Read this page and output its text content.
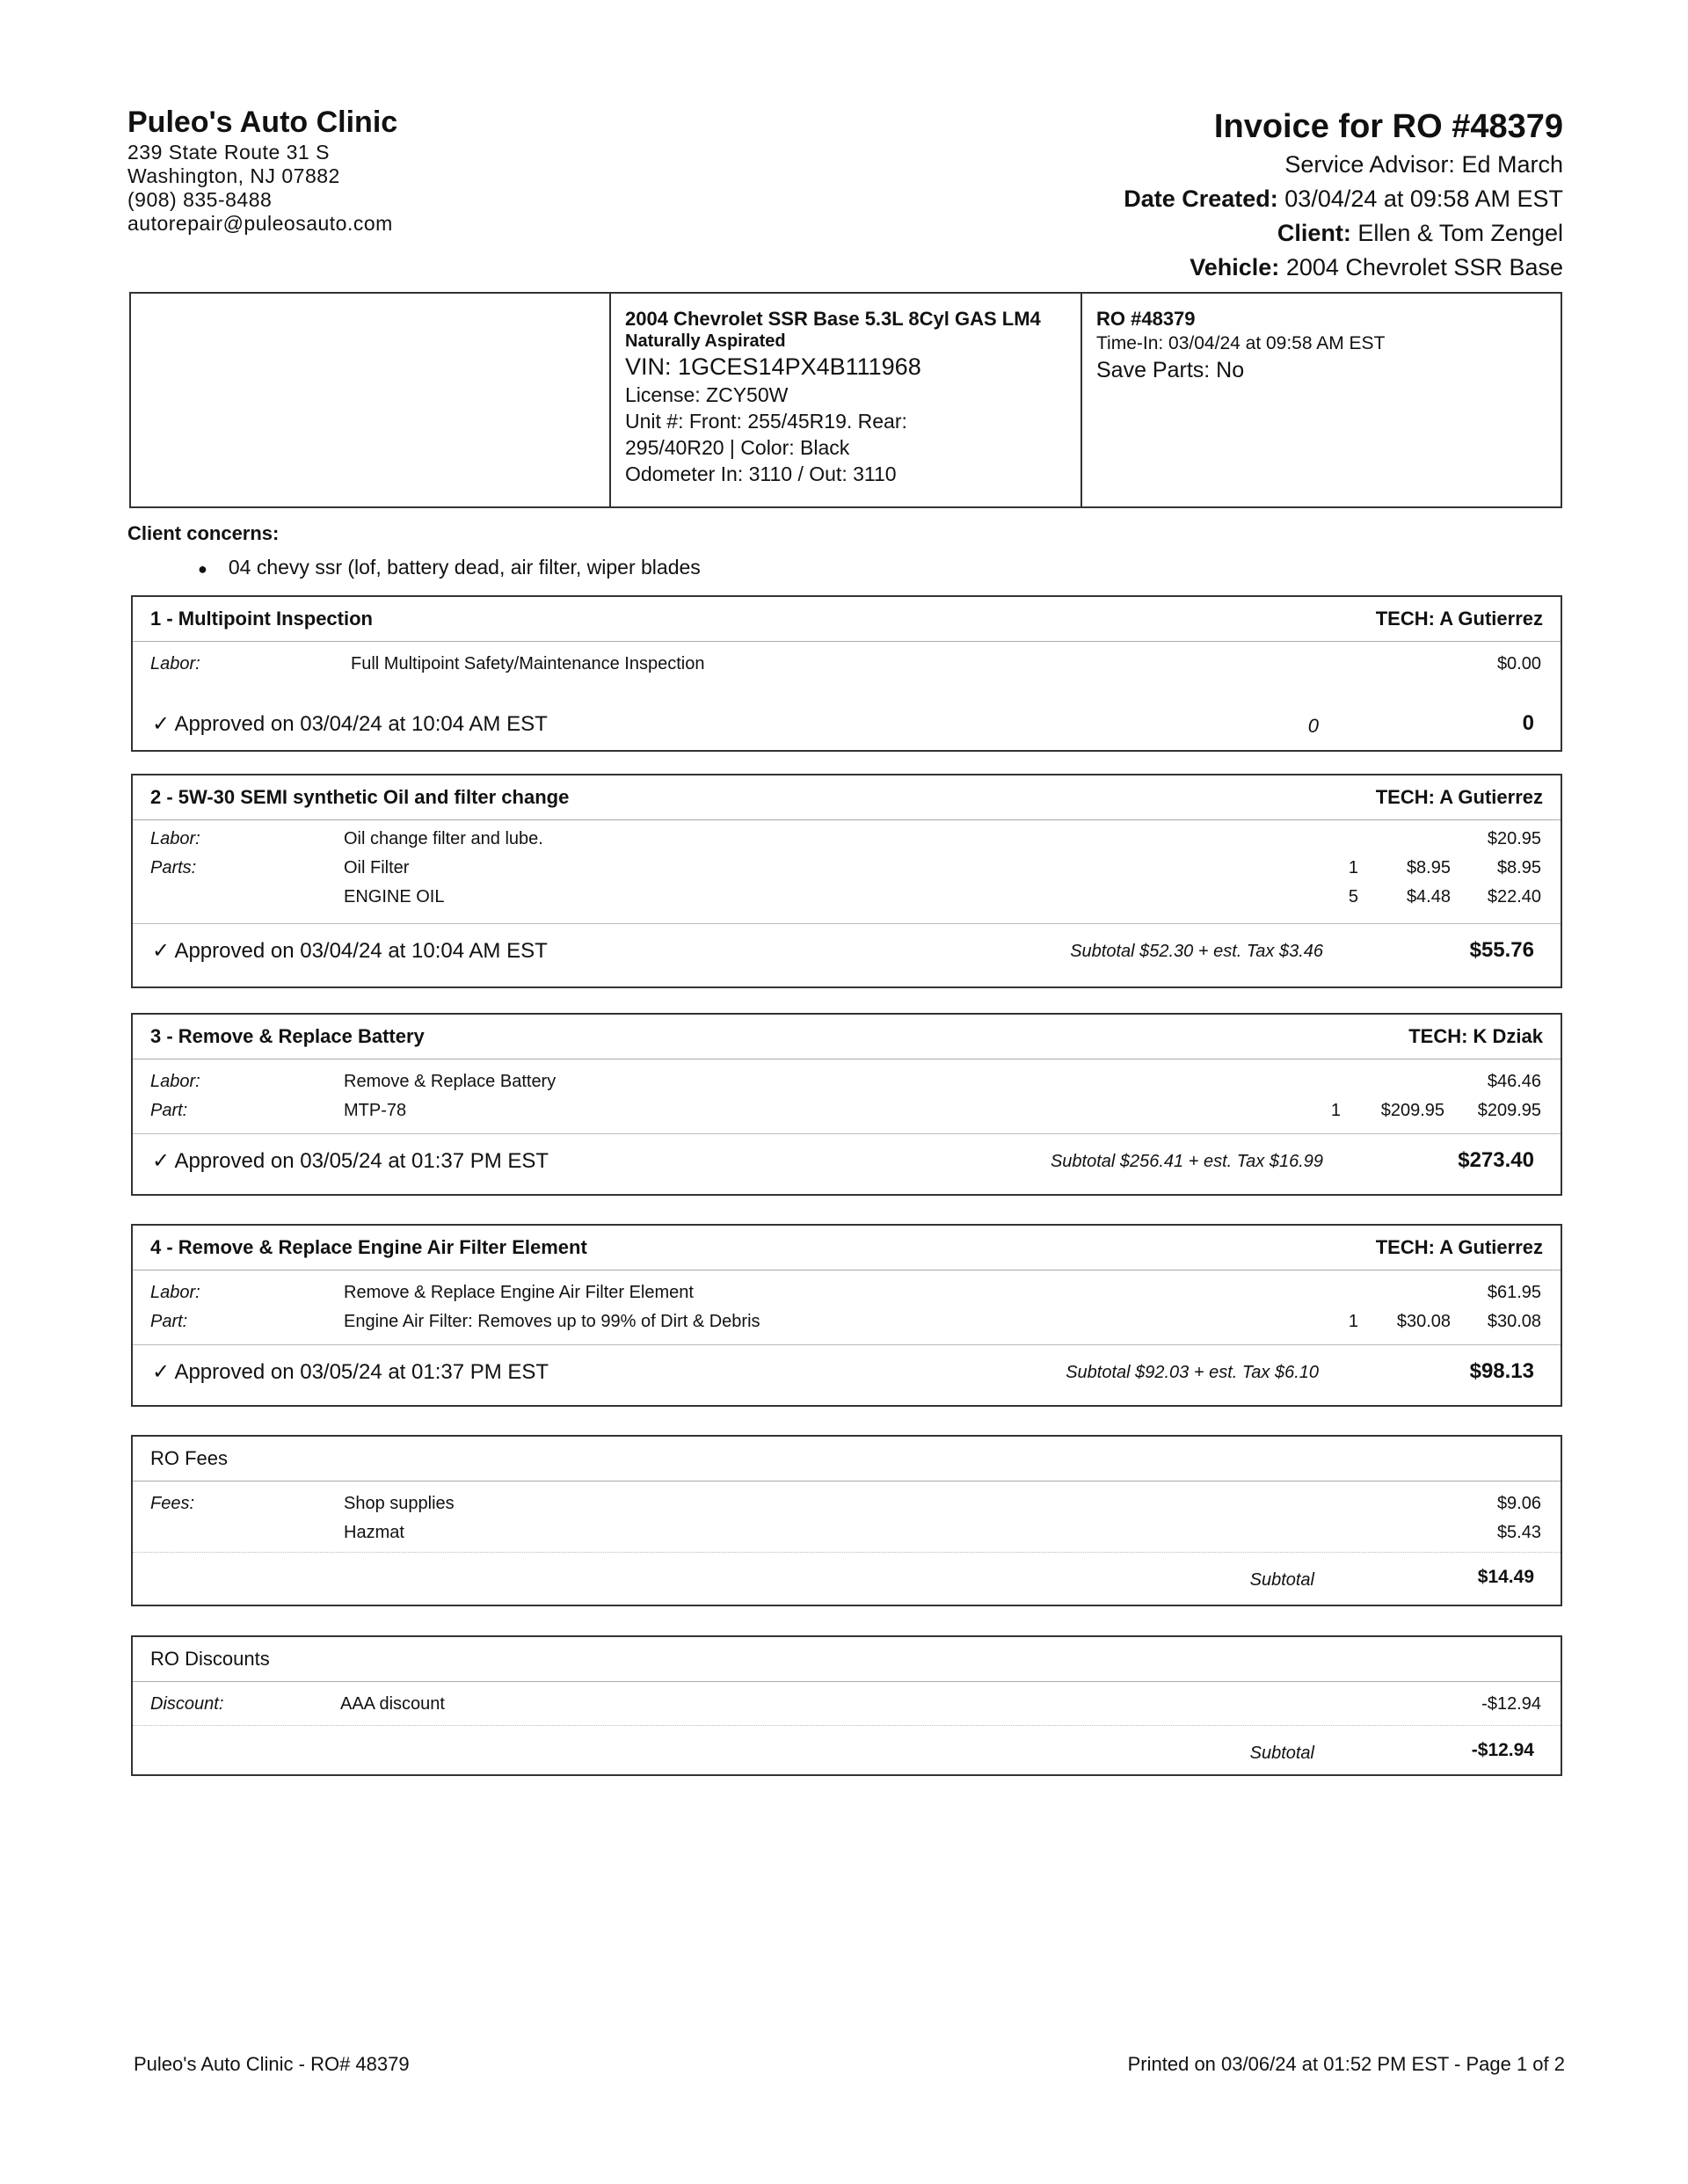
Puleo's Auto Clinic
239 State Route 31 S
Washington, NJ 07882
(908) 835-8488
autorepair@puleosauto.com
Invoice for RO #48379
Service Advisor: Ed March
Date Created: 03/04/24 at 09:58 AM EST
Client: Ellen & Tom Zengel
Vehicle: 2004 Chevrolet SSR Base
2004 Chevrolet SSR Base 5.3L 8Cyl GAS LM4
Naturally Aspirated
VIN: 1GCES14PX4B111968
License: ZCY50W
Unit #: Front: 255/45R19. Rear:
295/40R20 | Color: Black
Odometer In: 3110 / Out: 3110
RO #48379
Time-In: 03/04/24 at 09:58 AM EST
Save Parts: No
Client concerns:
● 04 chevy ssr (lof, battery dead, air filter, wiper blades
1 - Multipoint Inspection	TECH: A Gutierrez
Labor:	Full Multipoint Safety/Maintenance Inspection	$0.00
✓ Approved on 03/04/24 at 10:04 AM EST	0	0
2 - 5W-30 SEMI synthetic Oil and filter change	TECH: A Gutierrez
Labor:	Oil change filter and lube.	$20.95
Parts:	Oil Filter	1	$8.95	$8.95
ENGINE OIL	5	$4.48	$22.40
✓ Approved on 03/04/24 at 10:04 AM EST	Subtotal $52.30 + est. Tax $3.46	$55.76
3 - Remove & Replace Battery	TECH: K Dziak
Labor:	Remove & Replace Battery	$46.46
Part:	MTP-78	1	$209.95	$209.95
✓ Approved on 03/05/24 at 01:37 PM EST	Subtotal $256.41 + est. Tax $16.99	$273.40
4 - Remove & Replace Engine Air Filter Element	TECH: A Gutierrez
Labor:	Remove & Replace Engine Air Filter Element	$61.95
Part:	Engine Air Filter: Removes up to 99% of Dirt & Debris	1	$30.08	$30.08
✓ Approved on 03/05/24 at 01:37 PM EST	Subtotal $92.03 + est. Tax $6.10	$98.13
RO Fees
Fees:	Shop supplies	$9.06
Hazmat	$5.43
Subtotal	$14.49
RO Discounts
Discount:	AAA discount	-$12.94
Subtotal	-$12.94
Puleo's Auto Clinic - RO# 48379	Printed on 03/06/24 at 01:52 PM EST - Page 1 of 2
